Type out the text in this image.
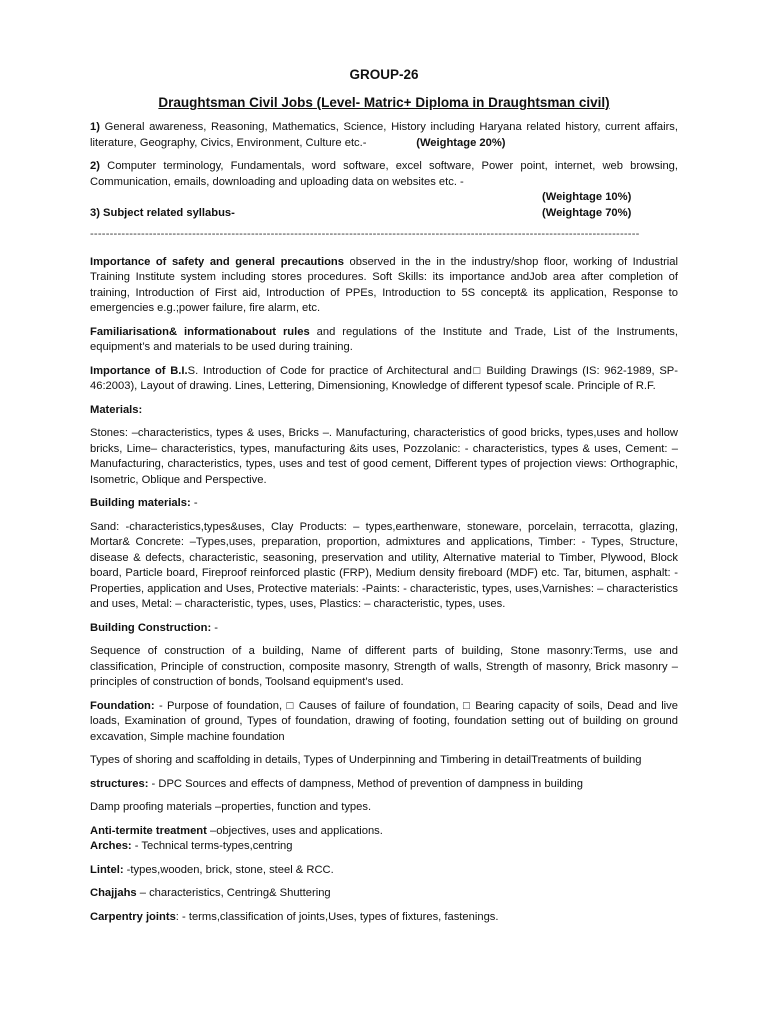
GROUP-26
Draughtsman Civil Jobs (Level- Matric+ Diploma in Draughtsman civil)

1) General awareness, Reasoning, Mathematics, Science, History including Haryana related history, current affairs, literature, Geography, Civics, Environment, Culture etc.-	(Weightage 20%)

2) Computer terminology, Fundamentals, word software, excel software, Power point, internet, web browsing, Communication, emails, downloading and uploading data on websites etc. -

(Weightage 10%)
3) Subject related syllabus-	(Weightage 70%)
--------------------------------------------------------------------------------------------------------------------------------------------

Importance of safety and general precautions observed in the in the industry/shop floor, working of Industrial Training Institute system including stores procedures. Soft Skills: its importance andJob area after completion of training, Introduction of First aid, Introduction of PPEs, Introduction to 5S concept& its application, Response to emergencies e.g.;power failure, fire alarm, etc.

Familiarisation& informationabout rules and regulations of the Institute and Trade, List of the Instruments, equipment’s and materials to be used during training.

Importance of B.I.S. Introduction of Code for practice of Architectural and□ Building Drawings (IS: 962-1989, SP-46:2003), Layout of drawing. Lines, Lettering, Dimensioning, Knowledge of different typesof scale. Principle of R.F.

Materials:

Stones: –characteristics, types & uses, Bricks –. Manufacturing, characteristics of good bricks, types,uses and hollow bricks, Lime– characteristics, types, manufacturing &its uses, Pozzolanic: - characteristics, types & uses, Cement: – Manufacturing, characteristics, types, uses and test of good cement, Different types of projection views: Orthographic, Isometric, Oblique and Perspective.

Building materials: -

Sand: -characteristics,types&uses, Clay Products: – types,earthenware, stoneware, porcelain, terracotta, glazing, Mortar& Concrete: –Types,uses, preparation, proportion, admixtures and applications, Timber: - Types, Structure, disease & defects, characteristic, seasoning, preservation and utility, Alternative material to Timber, Plywood, Block board, Particle board, Fireproof reinforced plastic (FRP), Medium density fireboard (MDF) etc. Tar, bitumen, asphalt: -Properties, application and Uses, Protective materials: -Paints: - characteristic, types, uses,Varnishes: – characteristics and uses, Metal: – characteristic, types, uses, Plastics: – characteristic, types, uses.

Building Construction: -

Sequence of construction of a building, Name of different parts of building, Stone masonry:Terms, use and classification, Principle of construction, composite masonry, Strength of walls, Strength of masonry, Brick masonry – principles of construction of bonds, Toolsand equipment’s used.

Foundation: - Purpose of foundation, □ Causes of failure of foundation, □ Bearing capacity of soils, Dead and live loads, Examination of ground, Types of foundation, drawing of footing, foundation setting out of building on ground excavation, Simple machine foundation

Types of shoring and scaffolding in details, Types of Underpinning and Timbering in detailTreatments of building

structures: - DPC Sources and effects of dampness, Method of prevention of dampness in building

Damp proofing materials –properties, function and types.

Anti-termite treatment –objectives, uses and applications.

Arches: - Technical terms-types,centring

Lintel: -types,wooden, brick, stone, steel & RCC.

Chajjahs – characteristics, Centring& Shuttering

Carpentry joints: - terms,classification of joints,Uses, types of fixtures, fastenings.
